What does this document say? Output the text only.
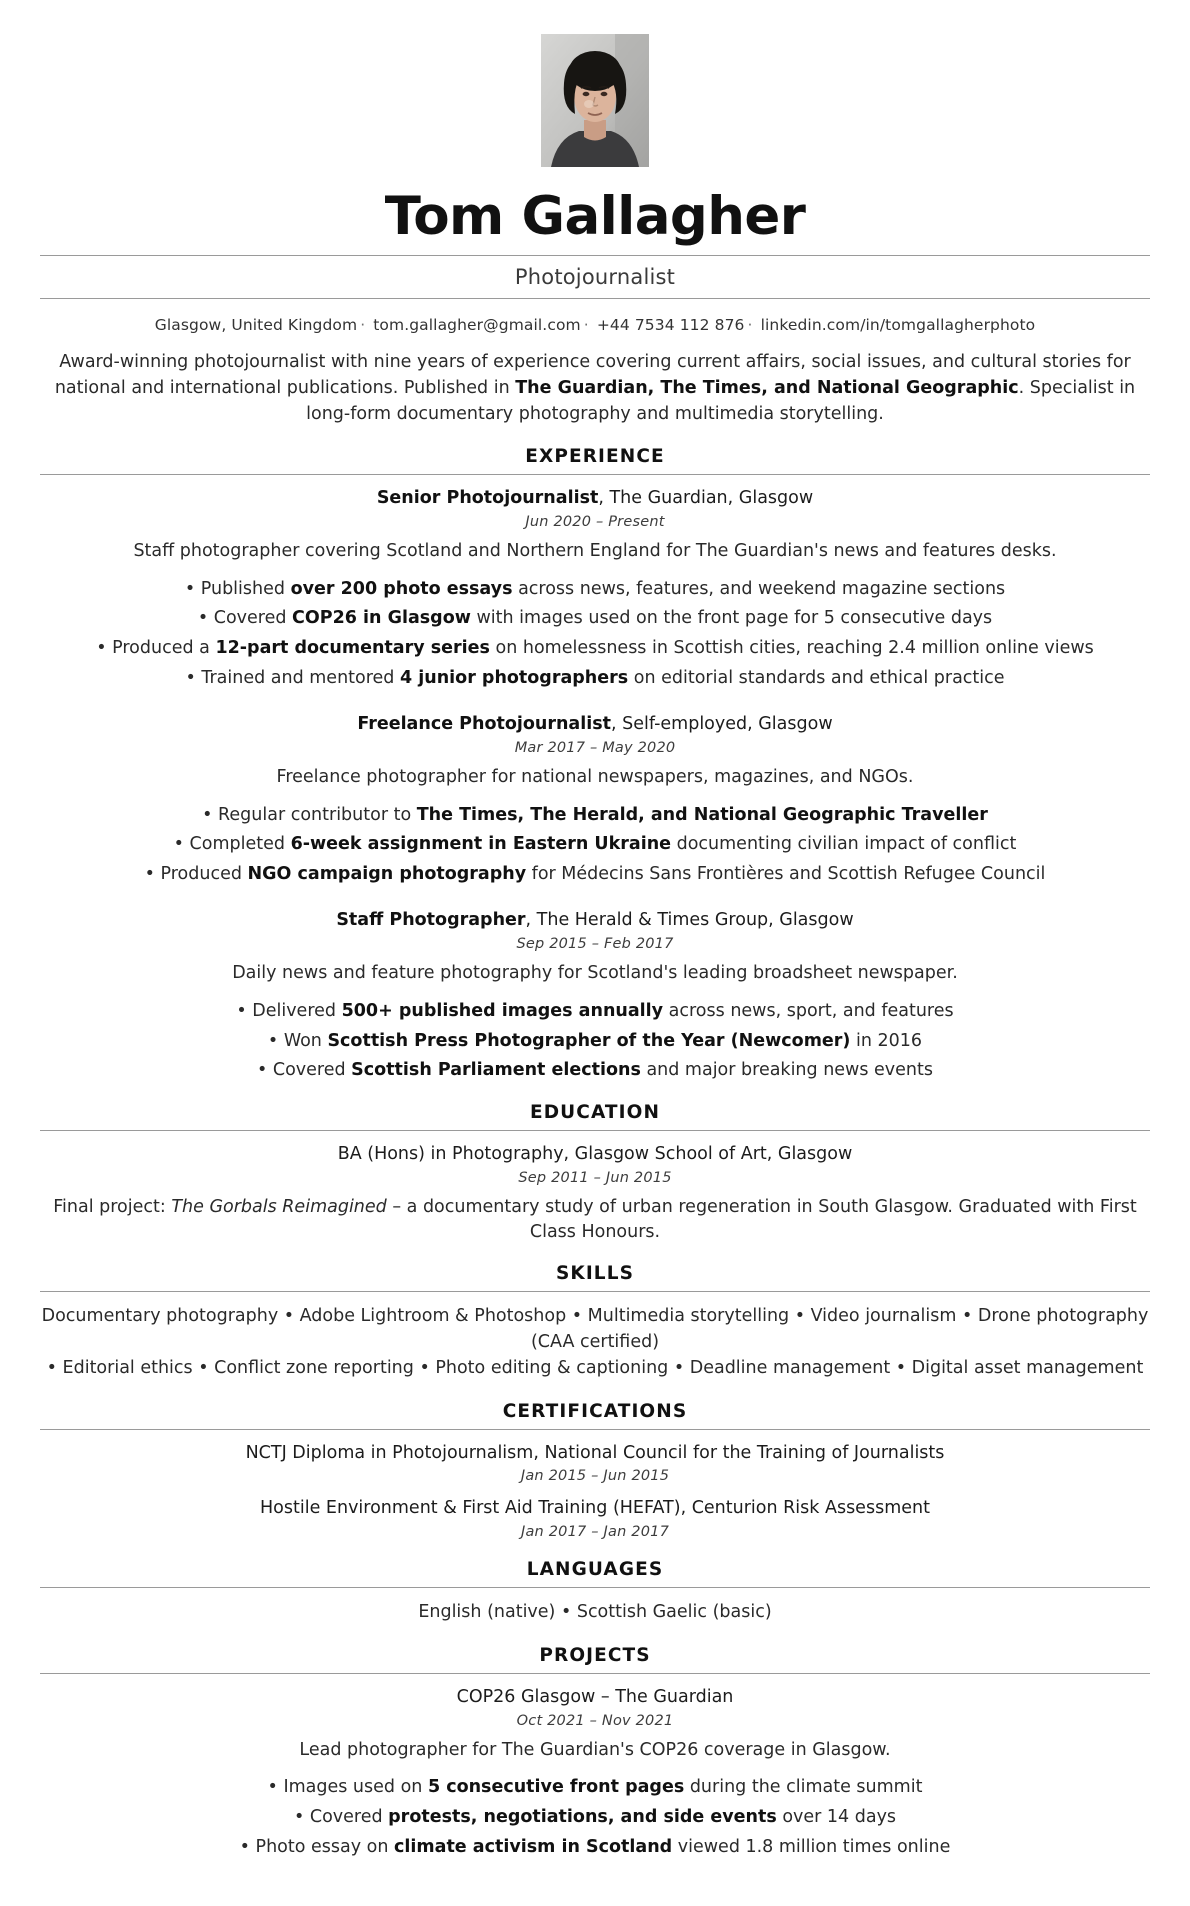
Tom Gallagher
Photojournalist
Glasgow, United Kingdom · tom.gallagher@gmail.com · +44 7534 112 876 · linkedin.com/in/tomgallagherphoto

Award-winning photojournalist with nine years of experience covering current affairs, social issues, and cultural stories for national and international publications. Published in The Guardian, The Times, and National Geographic. Specialist in long-form documentary photography and multimedia storytelling.

EXPERIENCE
Senior Photojournalist, The Guardian, Glasgow
Jun 2020 – Present
Staff photographer covering Scotland and Northern England for The Guardian's news and features desks.
• Published over 200 photo essays across news, features, and weekend magazine sections
• Covered COP26 in Glasgow with images used on the front page for 5 consecutive days
• Produced a 12-part documentary series on homelessness in Scottish cities, reaching 2.4 million online views
• Trained and mentored 4 junior photographers on editorial standards and ethical practice
Freelance Photojournalist, Self-employed, Glasgow
Mar 2017 – May 2020
Freelance photographer for national newspapers, magazines, and NGOs.
• Regular contributor to The Times, The Herald, and National Geographic Traveller
• Completed 6-week assignment in Eastern Ukraine documenting civilian impact of conflict
• Produced NGO campaign photography for Médecins Sans Frontières and Scottish Refugee Council
Staff Photographer, The Herald & Times Group, Glasgow
Sep 2015 – Feb 2017
Daily news and feature photography for Scotland's leading broadsheet newspaper.
• Delivered 500+ published images annually across news, sport, and features
• Won Scottish Press Photographer of the Year (Newcomer) in 2016
• Covered Scottish Parliament elections and major breaking news events
EDUCATION
BA (Hons) in Photography, Glasgow School of Art, Glasgow
Sep 2011 – Jun 2015
Final project: The Gorbals Reimagined – a documentary study of urban regeneration in South Glasgow. Graduated with First Class Honours.
SKILLS
Documentary photography • Adobe Lightroom & Photoshop • Multimedia storytelling • Video journalism • Drone photography (CAA certified)
• Editorial ethics • Conflict zone reporting • Photo editing & captioning • Deadline management • Digital asset management
CERTIFICATIONS
NCTJ Diploma in Photojournalism, National Council for the Training of Journalists
Jan 2015 – Jun 2015
Hostile Environment & First Aid Training (HEFAT), Centurion Risk Assessment
Jan 2017 – Jan 2017
LANGUAGES
English (native) • Scottish Gaelic (basic)
PROJECTS
COP26 Glasgow – The Guardian
Oct 2021 – Nov 2021
Lead photographer for The Guardian's COP26 coverage in Glasgow.
• Images used on 5 consecutive front pages during the climate summit
• Covered protests, negotiations, and side events over 14 days
• Photo essay on climate activism in Scotland viewed 1.8 million times online
